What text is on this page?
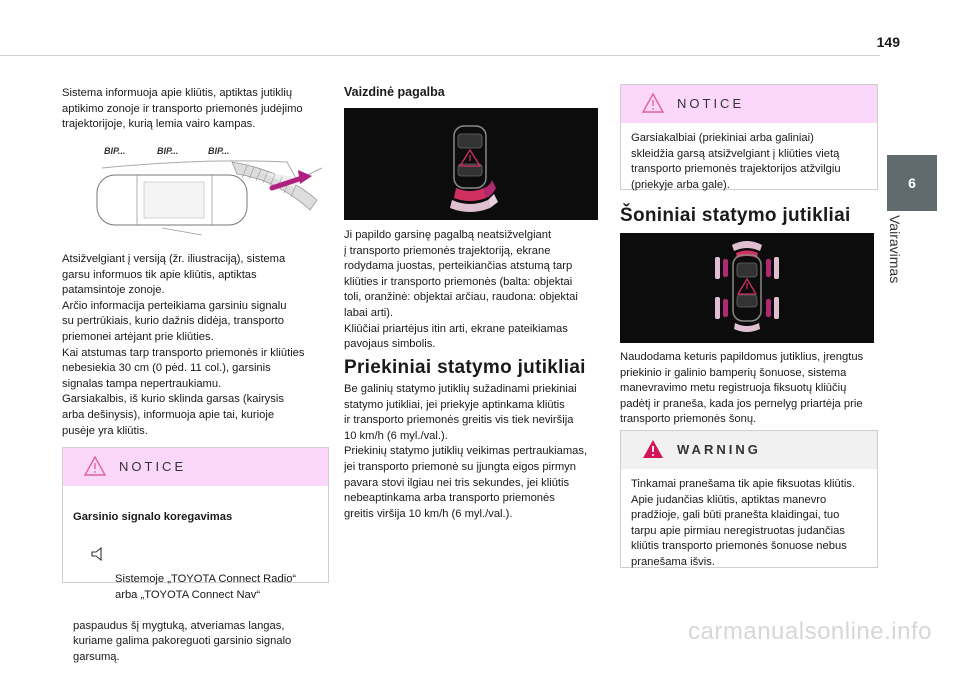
149
6
Vairavimas
Sistema informuoja apie kliūtis, aptiktas jutiklių
aptikimo zonoje ir transporto priemonės judėjimo
trajektorijoje, kurią lemia vairo kampas.
BIP...	BIP...	BIP...
Atsižvelgiant į versiją (žr. iliustraciją), sistema
garsu informuos tik apie kliūtis, aptiktas
patamsintoje zonoje.
Arčio informacija perteikiama garsiniu signalu
su pertrūkiais, kurio dažnis didėja, transporto
priemonei artėjant prie kliūties.
Kai atstumas tarp transporto priemonės ir kliūties
nebesiekia 30 cm (0 pėd. 11 col.), garsinis
signalas tampa nepertraukiamu.
Garsiakalbis, iš kurio sklinda garsas (kairysis
arba dešinysis), informuoja apie tai, kurioje
pusėje yra kliūtis.
NOTICE

Garsinio signalo koregavimas

Sistemoje „TOYOTA Connect Radio“
arba „TOYOTA Connect Nav“

paspaudus šį mygtuką, atveriamas langas,
kuriame galima pakoreguoti garsinio signalo
garsumą.

Vaizdinė pagalba
Ji papildo garsinę pagalbą neatsižvelgiant
į transporto priemonės trajektoriją, ekrane
rodydama juostas, perteikiančias atstumą tarp
kliūties ir transporto priemonės (balta: objektai
toli, oranžinė: objektai arčiau, raudona: objektai
labai arti).
Kliūčiai priartėjus itin arti, ekrane pateikiamas
pavojaus simbolis.
Priekiniai statymo jutikliai
Be galinių statymo jutiklių sužadinami priekiniai
statymo jutikliai, jei priekyje aptinkama kliūtis
ir transporto priemonės greitis vis tiek neviršija
10 km/h (6 myl./val.).
Priekinių statymo jutiklių veikimas pertraukiamas,
jei transporto priemonė su įjungta eigos pirmyn
pavara stovi ilgiau nei tris sekundes, jei kliūtis
nebeaptinkama arba transporto priemonės
greitis viršija 10 km/h (6 myl./val.).
NOTICE
Garsiakalbiai (priekiniai arba galiniai)
skleidžia garsą atsižvelgiant į kliūties vietą
transporto priemonės trajektorijos atžvilgiu
(priekyje arba gale).
Šoniniai statymo jutikliai
Naudodama keturis papildomus jutiklius, įrengtus
priekinio ir galinio bamperių šonuose, sistema
manevravimo metu registruoja fiksuotų kliūčių
padėtį ir praneša, kada jos pernelyg priartėja prie
transporto priemonės šonų.
WARNING
Tinkamai pranešama tik apie fiksuotas kliūtis.
Apie judančias kliūtis, aptiktas manevro
pradžioje, gali būti pranešta klaidingai, tuo
tarpu apie pirmiau neregistruotas judančias
kliūtis transporto priemonės šonuose nebus
pranešama išvis.
carmanualsonline.info
